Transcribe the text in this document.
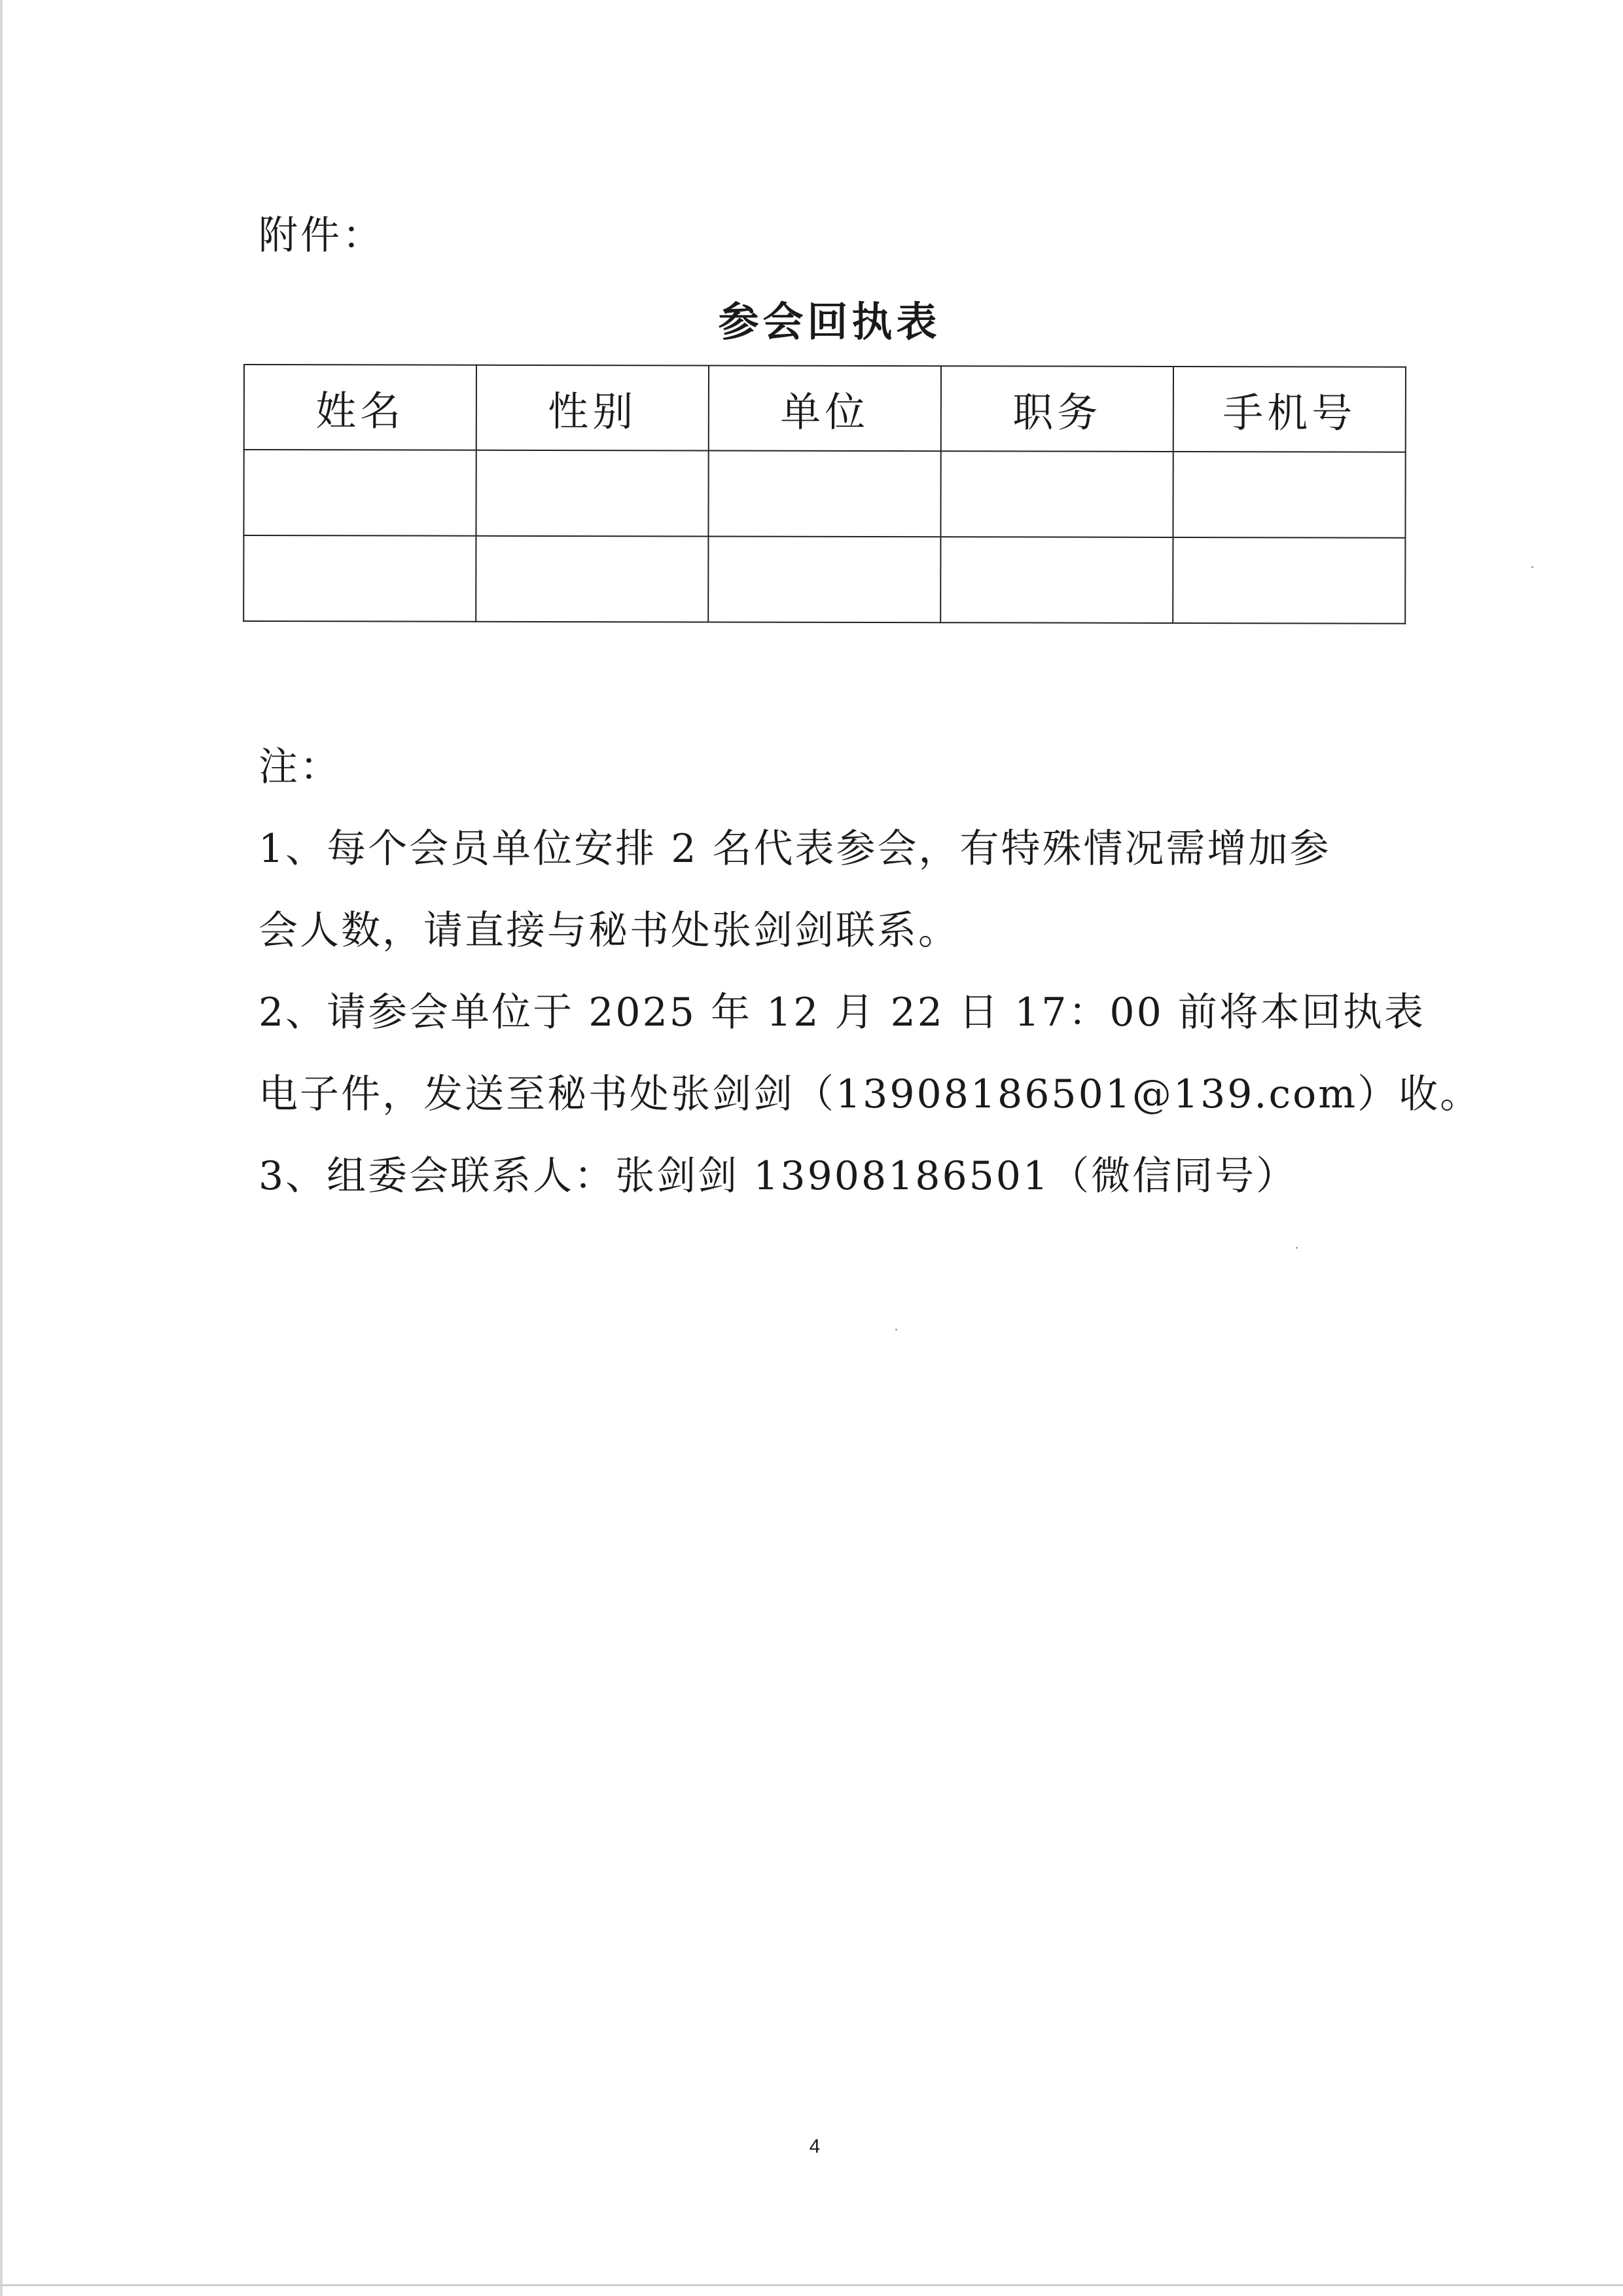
附件：
参会回执表
姓名	性别	单位	职务	手机号

注：

1、每个会员单位安排 2 名代表参会，有特殊情况需增加参

会人数，请直接与秘书处张剑剑联系。

2、请参会单位于 2025 年 12 月 22 日 17：00 前将本回执表

电子件，发送至秘书处张剑剑（13908186501@139.com）收。

3、组委会联系人：张剑剑 13908186501（微信同号）

4
